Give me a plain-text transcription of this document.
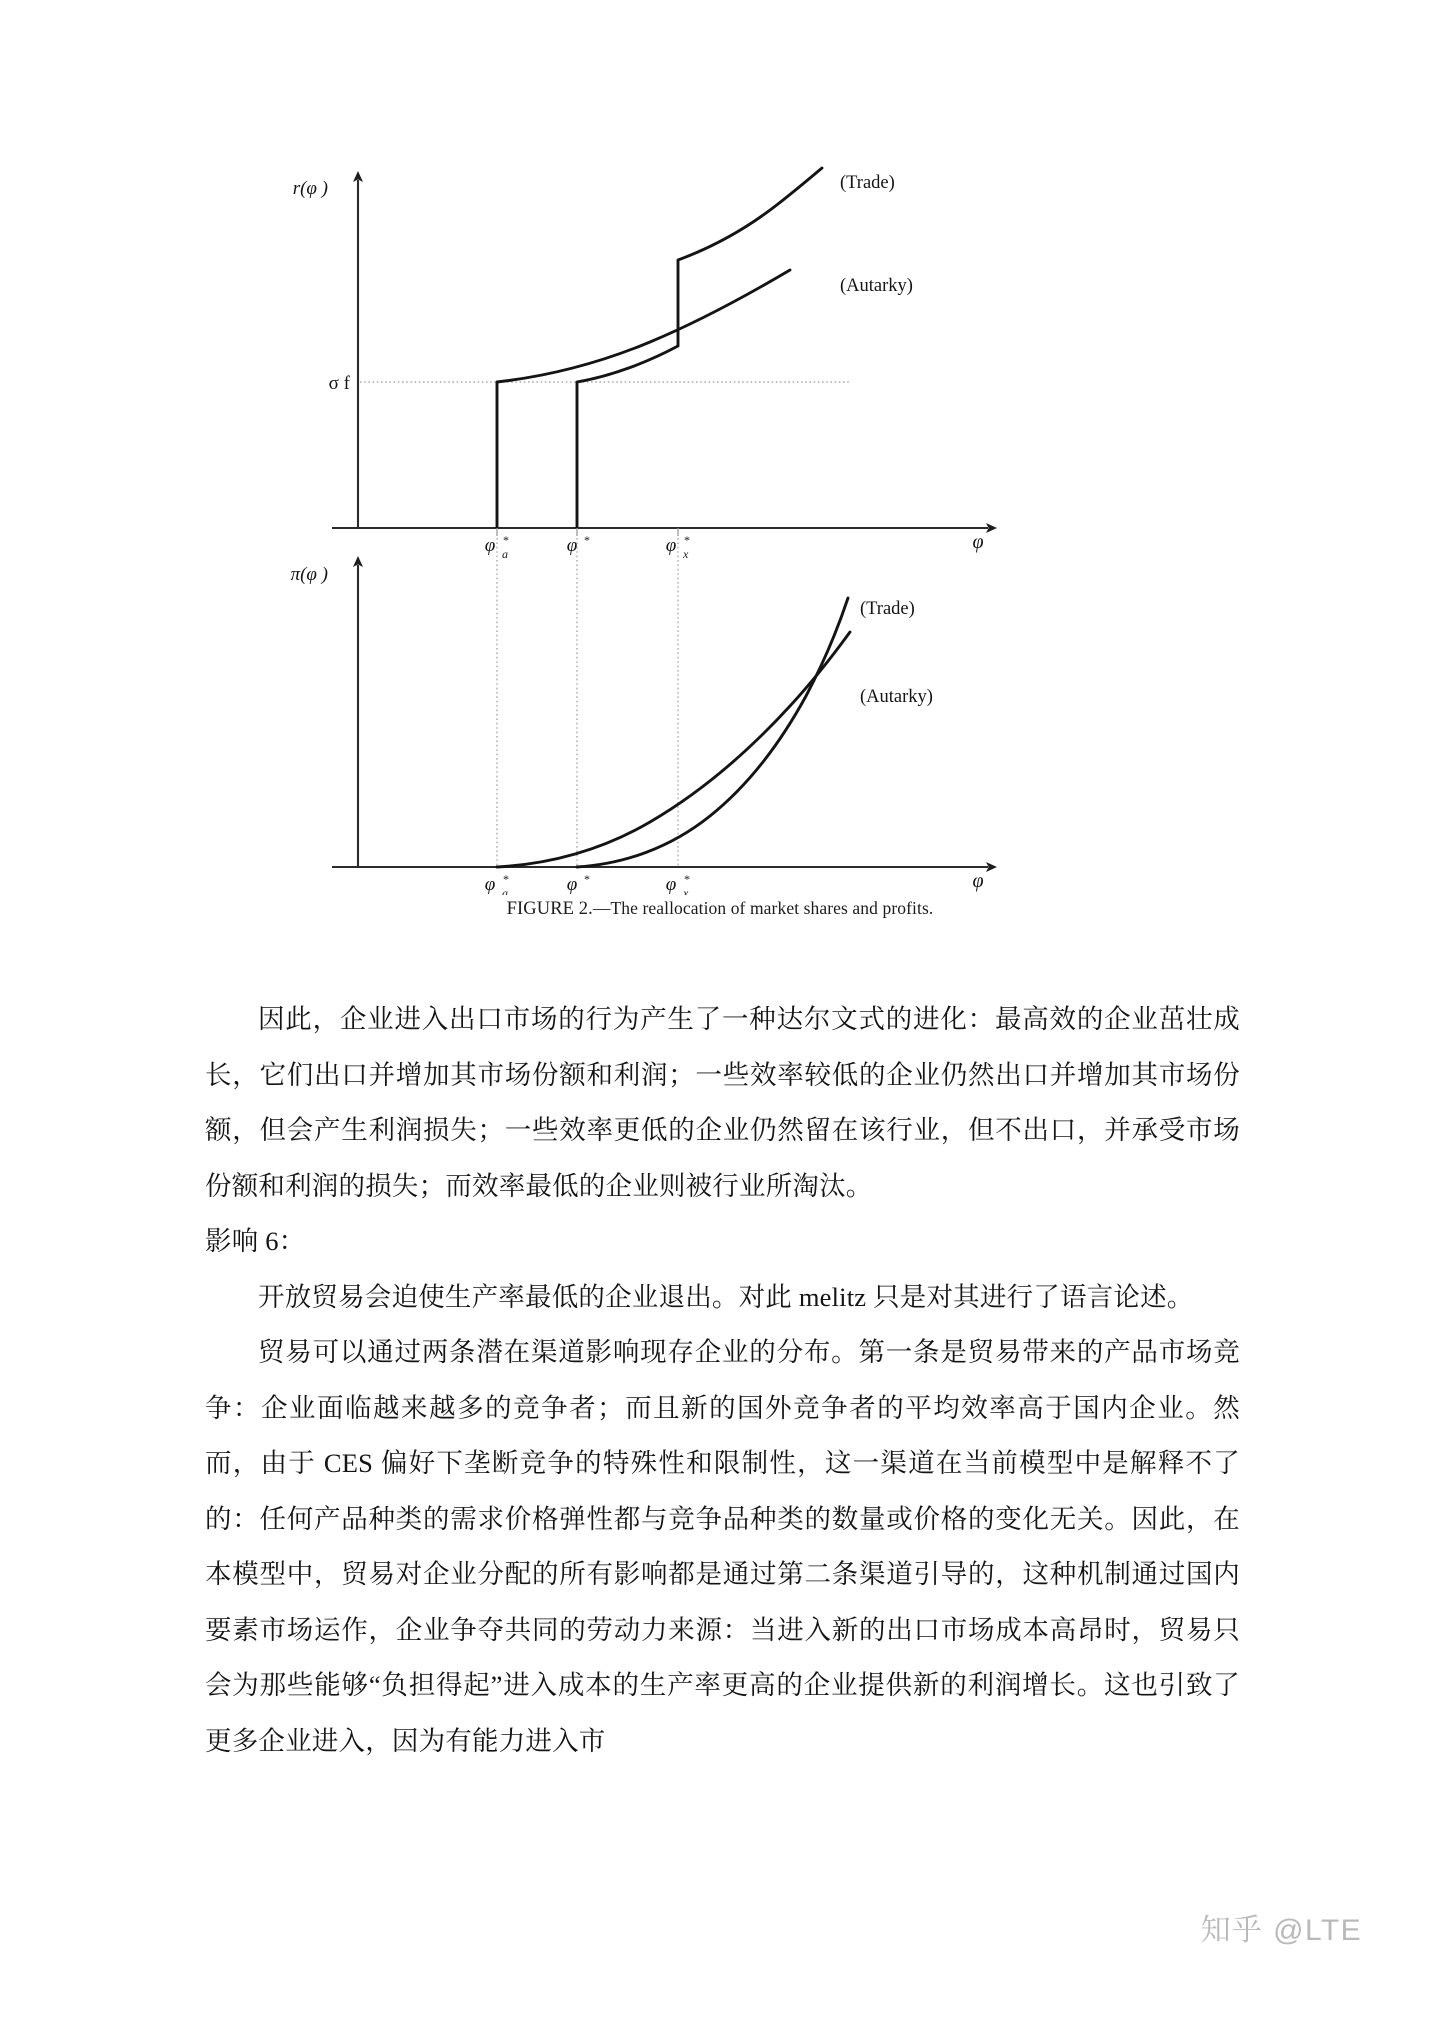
r(φ )
φ
σ f
(Trade)
(Autarky)
φ *
a	φ *	φ *
x
π(φ )
φ
(Trade)
(Autarky)
φ *
a	φ *	φ *
x
FIGURE 2.—The reallocation of market shares and profits.

因此，企业进入出口市场的行为产生了一种达尔文式的进化：最高效的企业茁壮成长，它们出口并增加其市场份额和利润；一些效率较低的企业仍然出口并增加其市场份额，但会产生利润损失；一些效率更低的企业仍然留在该行业，但不出口，并承受市场份额和利润的损失；而效率最低的企业则被行业所淘汰。

影响 6：

开放贸易会迫使生产率最低的企业退出。对此 melitz 只是对其进行了语言论述。

贸易可以通过两条潜在渠道影响现存企业的分布。第一条是贸易带来的产品市场竞争：企业面临越来越多的竞争者；而且新的国外竞争者的平均效率高于国内企业。然而，由于 CES 偏好下垄断竞争的特殊性和限制性，这一渠道在当前模型中是解释不了的：任何产品种类的需求价格弹性都与竞争品种类的数量或价格的变化无关。因此，在本模型中，贸易对企业分配的所有影响都是通过第二条渠道引导的，这种机制通过国内要素市场运作，企业争夺共同的劳动力来源：当进入新的出口市场成本高昂时，贸易只会为那些能够“负担得起”进入成本的生产率更高的企业提供新的利润增长。这也引致了更多企业进入，因为有能力进入市

知乎 @LTE
